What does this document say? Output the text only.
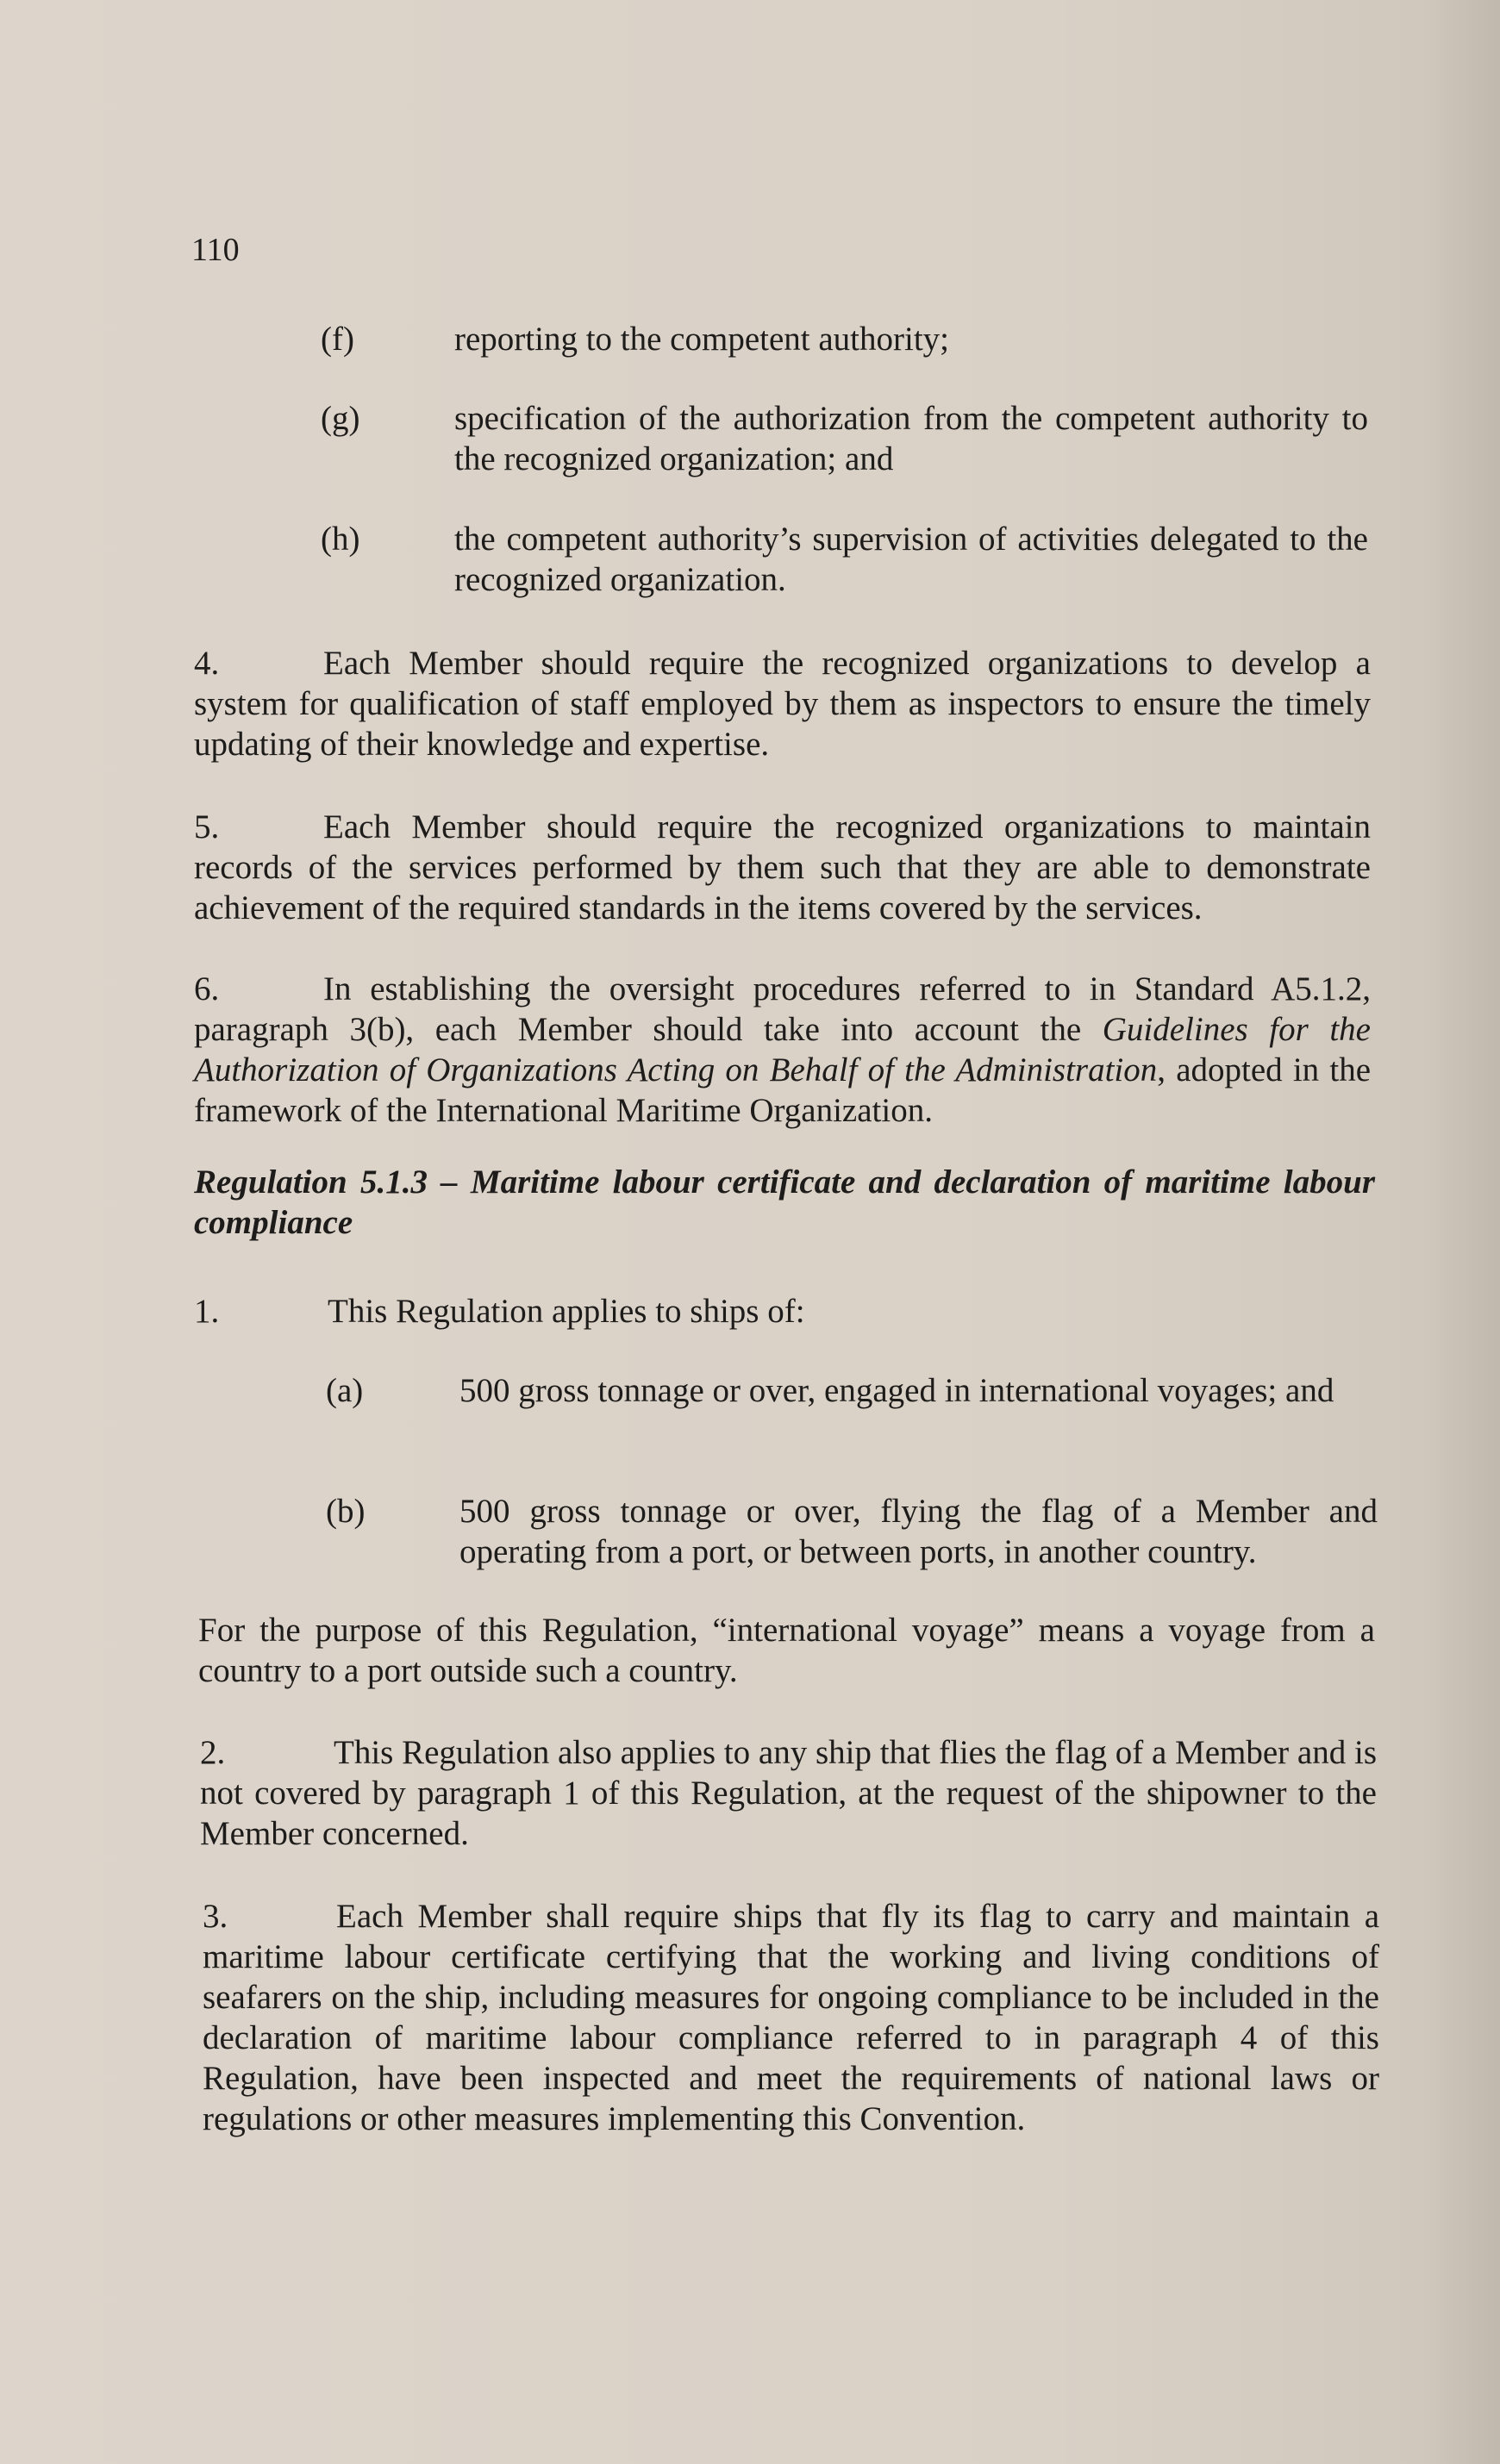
110
(f)	reporting to the competent authority;
(g)	specification of the authorization from the competent authority to the recognized organization; and
(h)	the competent authority’s supervision of activities delegated to the recognized organization.
4.	Each Member should require the recognized organizations to develop a system for qualification of staff employed by them as inspectors to ensure the timely updating of their knowledge and expertise.
5.	Each Member should require the recognized organizations to maintain records of the services performed by them such that they are able to demonstrate achievement of the required standards in the items covered by the services.
6.	In establishing the oversight procedures referred to in Standard A5.1.2, paragraph 3(b), each Member should take into account the Guidelines for the Authorization of Organizations Acting on Behalf of the Administration, adopted in the framework of the International Maritime Organization.
Regulation 5.1.3 – Maritime labour certificate and declaration of maritime labour compliance
1.	This Regulation applies to ships of:
(a)	500 gross tonnage or over, engaged in international voyages; and
(b)	500 gross tonnage or over, flying the flag of a Member and operating from a port, or between ports, in another country.
For the purpose of this Regulation, “international voyage” means a voyage from a country to a port outside such a country.
2.	This Regulation also applies to any ship that flies the flag of a Member and is not covered by paragraph 1 of this Regulation, at the request of the shipowner to the Member concerned.
3.	Each Member shall require ships that fly its flag to carry and maintain a maritime labour certificate certifying that the working and living conditions of seafarers on the ship, including measures for ongoing compliance to be included in the declaration of maritime labour compliance referred to in paragraph 4 of this Regulation, have been inspected and meet the requirements of national laws or regulations or other measures implementing this Convention.
